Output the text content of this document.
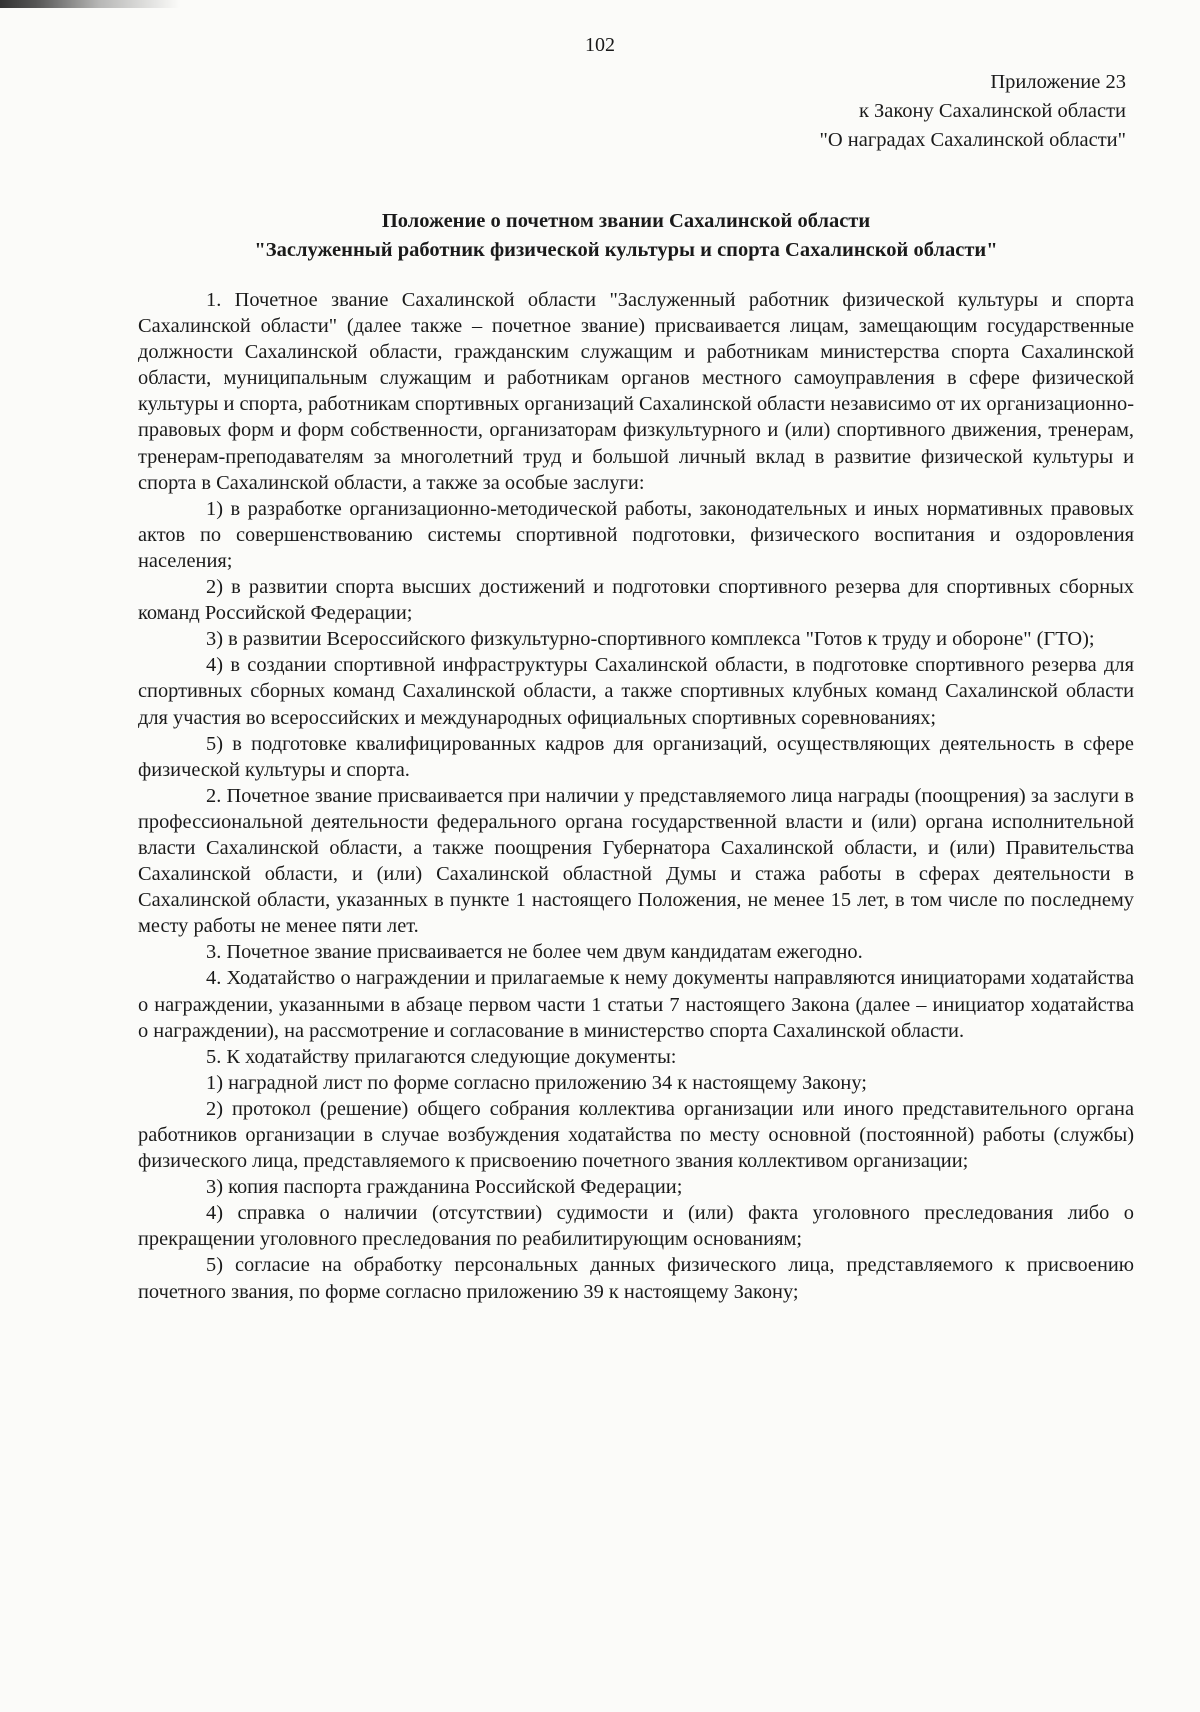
102
Приложение 23
к Закону Сахалинской области
"О наградах Сахалинской области"
Положение о почетном звании Сахалинской области
"Заслуженный работник физической культуры и спорта Сахалинской области"

1. Почетное звание Сахалинской области "Заслуженный работник физической культуры и спорта Сахалинской области" (далее также – почетное звание) присваивается лицам, замещающим государственные должности Сахалинской области, гражданским служащим и работникам министерства спорта Сахалинской области, муниципальным служащим и работникам органов местного самоуправления в сфере физической культуры и спорта, работникам спортивных организаций Сахалинской области независимо от их организационно-правовых форм и форм собственности, организаторам физкультурного и (или) спортивного движения, тренерам, тренерам-преподавателям за многолетний труд и большой личный вклад в развитие физической культуры и спорта в Сахалинской области, а также за особые заслуги:

1) в разработке организационно-методической работы, законодательных и иных нормативных правовых актов по совершенствованию системы спортивной подготовки, физического воспитания и оздоровления населения;

2) в развитии спорта высших достижений и подготовки спортивного резерва для спортивных сборных команд Российской Федерации;

3) в развитии Всероссийского физкультурно-спортивного комплекса "Готов к труду и обороне" (ГТО);

4) в создании спортивной инфраструктуры Сахалинской области, в подготовке спортивного резерва для спортивных сборных команд Сахалинской области, а также спортивных клубных команд Сахалинской области для участия во всероссийских и международных официальных спортивных соревнованиях;

5) в подготовке квалифицированных кадров для организаций, осуществляющих деятельность в сфере физической культуры и спорта.

2. Почетное звание присваивается при наличии у представляемого лица награды (поощрения) за заслуги в профессиональной деятельности федерального органа государственной власти и (или) органа исполнительной власти Сахалинской области, а также поощрения Губернатора Сахалинской области, и (или) Правительства Сахалинской области, и (или) Сахалинской областной Думы и стажа работы в сферах деятельности в Сахалинской области, указанных в пункте 1 настоящего Положения, не менее 15 лет, в том числе по последнему месту работы не менее пяти лет.

3. Почетное звание присваивается не более чем двум кандидатам ежегодно.

4. Ходатайство о награждении и прилагаемые к нему документы направляются инициаторами ходатайства о награждении, указанными в абзаце первом части 1 статьи 7 настоящего Закона (далее – инициатор ходатайства о награждении), на рассмотрение и согласование в министерство спорта Сахалинской области.

5. К ходатайству прилагаются следующие документы:

1) наградной лист по форме согласно приложению 34 к настоящему Закону;

2) протокол (решение) общего собрания коллектива организации или иного представительного органа работников организации в случае возбуждения ходатайства по месту основной (постоянной) работы (службы) физического лица, представляемого к присвоению почетного звания коллективом организации;

3) копия паспорта гражданина Российской Федерации;

4) справка о наличии (отсутствии) судимости и (или) факта уголовного преследования либо о прекращении уголовного преследования по реабилитирующим основаниям;

5) согласие на обработку персональных данных физического лица, представляемого к присвоению почетного звания, по форме согласно приложению 39 к настоящему Закону;
